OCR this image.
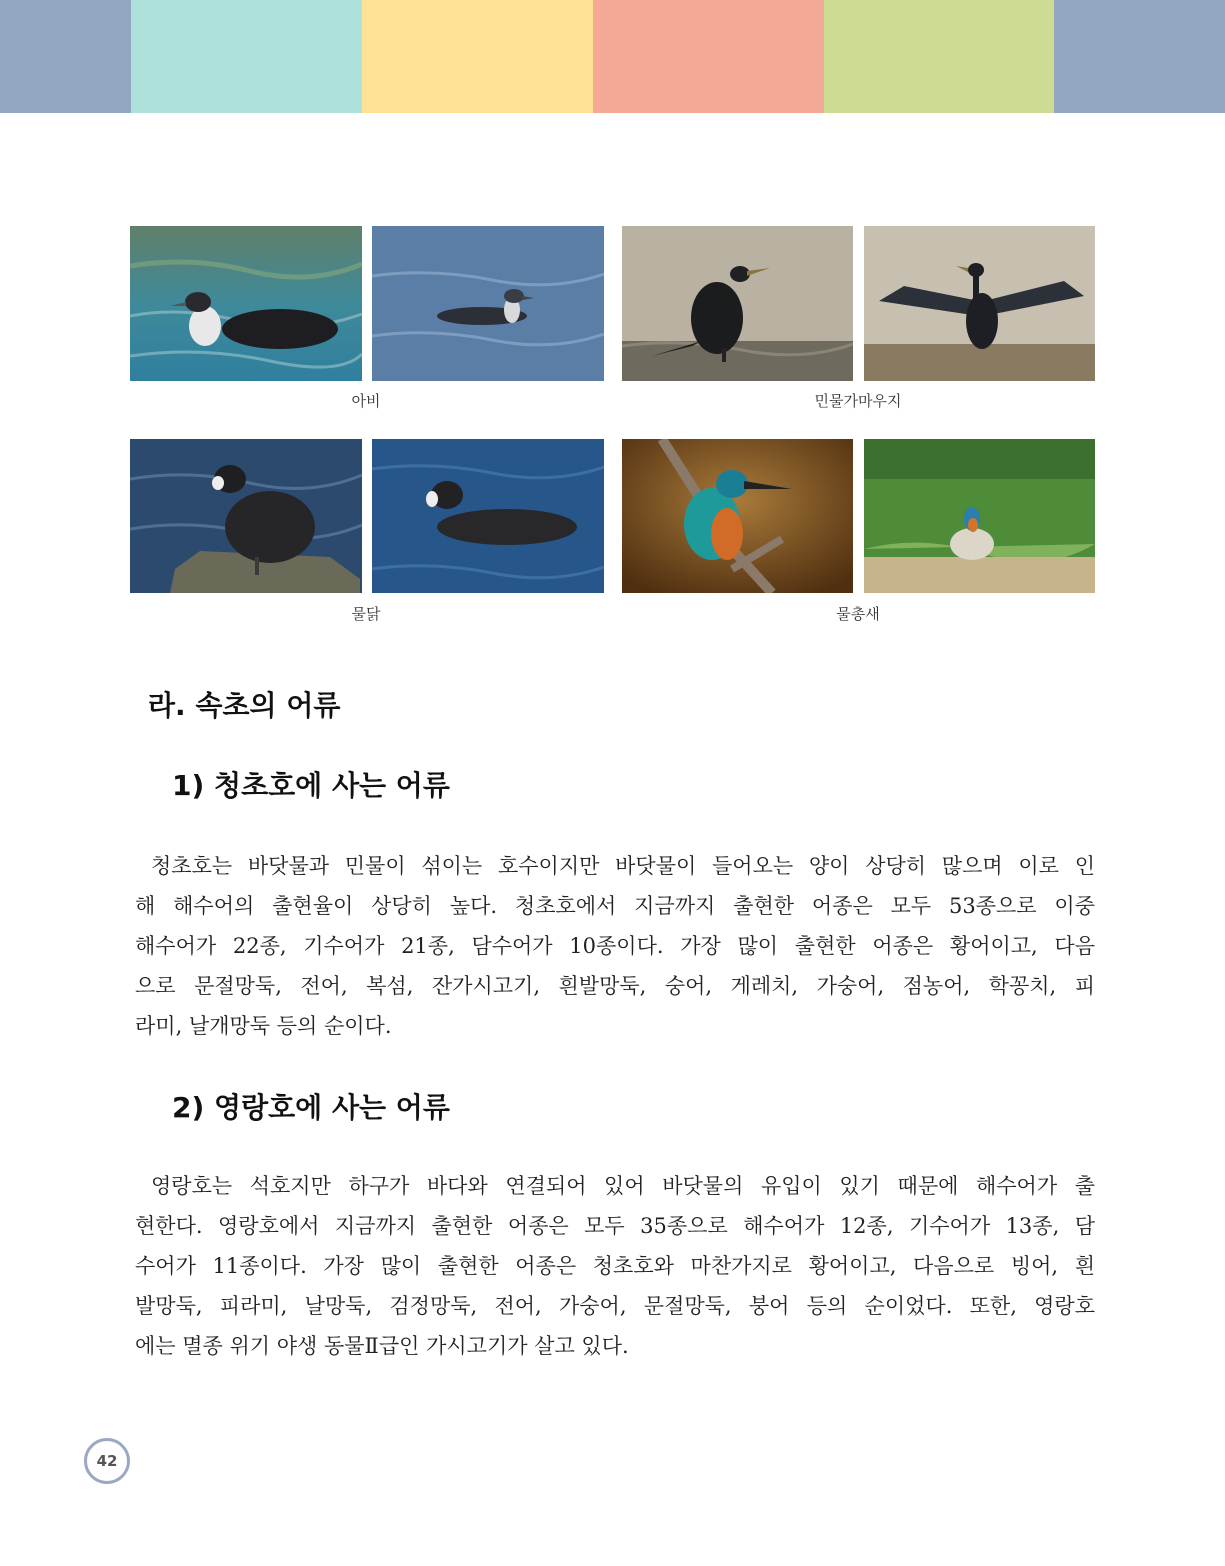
아비	민물가마우지
물닭	물총새
라. 속초의 어류
1) 청초호에 사는 어류
청초호는 바닷물과 민물이 섞이는 호수이지만 바닷물이 들어오는 양이 상당히 많으며 이로 인
해 해수어의 출현율이 상당히 높다. 청초호에서 지금까지 출현한 어종은 모두 53종으로 이중
해수어가 22종, 기수어가 21종, 담수어가 10종이다. 가장 많이 출현한 어종은 황어이고, 다음
으로 문절망둑, 전어, 복섬, 잔가시고기, 흰발망둑, 숭어, 게레치, 가숭어, 점농어, 학꽁치, 피
라미, 날개망둑 등의 순이다.
2) 영랑호에 사는 어류
영랑호는 석호지만 하구가 바다와 연결되어 있어 바닷물의 유입이 있기 때문에 해수어가 출
현한다. 영랑호에서 지금까지 출현한 어종은 모두 35종으로 해수어가 12종, 기수어가 13종, 담
수어가 11종이다. 가장 많이 출현한 어종은 청초호와 마찬가지로 황어이고, 다음으로 빙어, 흰
발망둑, 피라미, 날망둑, 검정망둑, 전어, 가숭어, 문절망둑, 붕어 등의 순이었다. 또한, 영랑호
에는 멸종 위기 야생 동물Ⅱ급인 가시고기가 살고 있다.
42
